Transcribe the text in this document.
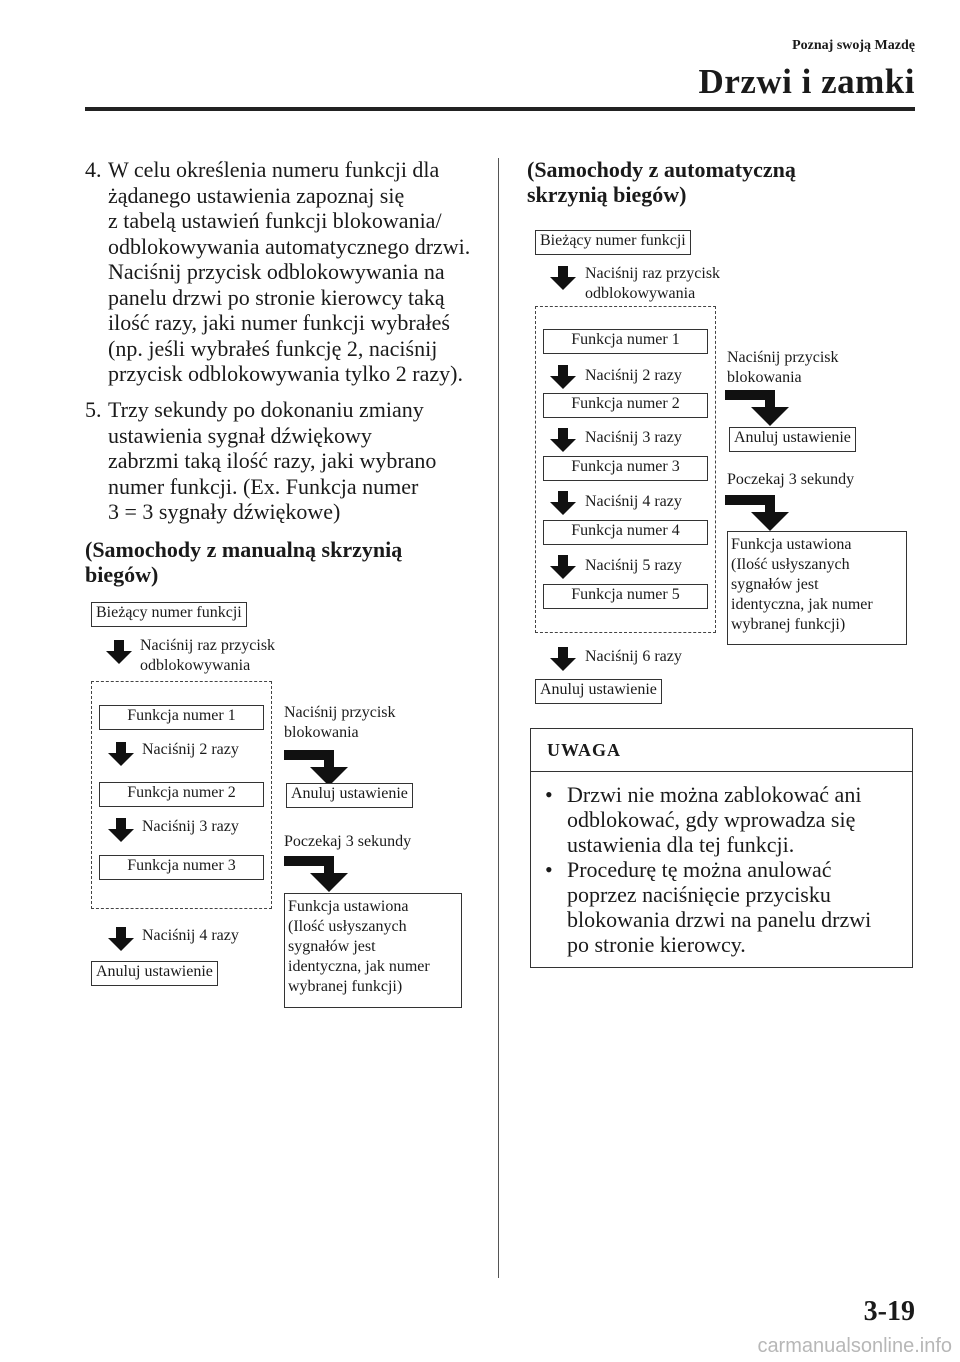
Poznaj swoją Mazdę
Drzwi i zamki
4. W celu określenia numeru funkcji dla
żądanego ustawienia zapoznaj się
z tabelą ustawień funkcji blokowania/
odblokowywania automatycznego drzwi.
Naciśnij przycisk odblokowywania na
panelu drzwi po stronie kierowcy taką
ilość razy, jaki numer funkcji wybrałeś
(np. jeśli wybrałeś funkcję 2, naciśnij
przycisk odblokowywania tylko 2 razy).
5. Trzy sekundy po dokonaniu zmiany
ustawienia sygnał dźwiękowy
zabrzmi taką ilość razy, jaki wybrano
numer funkcji. (Ex. Funkcja numer
3 = 3 sygnały dźwiękowe)
(Samochody z manualną skrzynią
biegów)
Bieżący numer funkcji
Naciśnij raz przycisk
odblokowywania
Funkcja numer 1
Naciśnij 2 razy
Funkcja numer 2
Naciśnij 3 razy
Funkcja numer 3
Naciśnij 4 razy
Anuluj ustawienie
Naciśnij przycisk
blokowania
Anuluj ustawienie
Poczekaj 3 sekundy
Funkcja ustawiona
(Ilość usłyszanych
sygnałów jest
identyczna, jak numer
wybranej funkcji)
(Samochody z automatyczną
skrzynią biegów)
Bieżący numer funkcji
Naciśnij raz przycisk
odblokowywania
Funkcja numer 1
Naciśnij 2 razy
Funkcja numer 2
Naciśnij 3 razy
Funkcja numer 3
Naciśnij 4 razy
Funkcja numer 4
Naciśnij 5 razy
Funkcja numer 5
Naciśnij 6 razy
Anuluj ustawienie
Naciśnij przycisk
blokowania
Anuluj ustawienie
Poczekaj 3 sekundy
Funkcja ustawiona
(Ilość usłyszanych
sygnałów jest
identyczna, jak numer
wybranej funkcji)
UWAGA
• Drzwi nie można zablokować ani
odblokować, gdy wprowadza się
ustawienia dla tej funkcji.
• Procedurę tę można anulować
poprzez naciśnięcie przycisku
blokowania drzwi na panelu drzwi
po stronie kierowcy.
3-19
carmanualsonline.info
